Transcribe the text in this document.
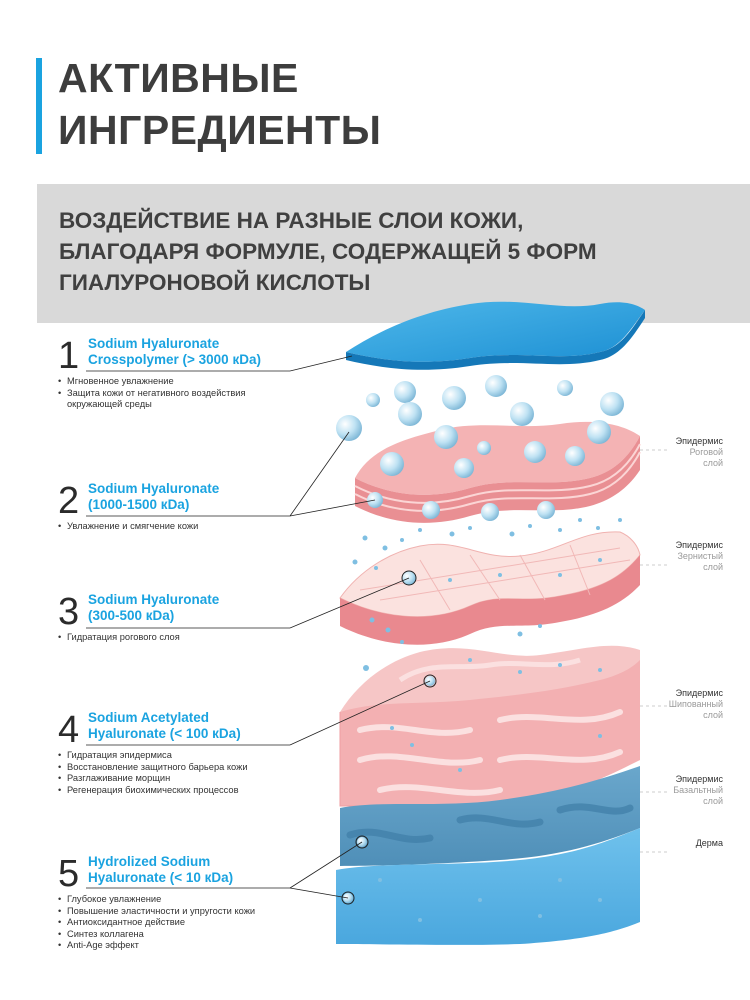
АКТИВНЫЕ
ИНГРЕДИЕНТЫ
ВОЗДЕЙСТВИЕ НА РАЗНЫЕ СЛОИ КОЖИ,
БЛАГОДАРЯ ФОРМУЛЕ, СОДЕРЖАЩЕЙ 5 ФОРМ
ГИАЛУРОНОВОЙ КИСЛОТЫ
1 Sodium Hyaluronate
Crosspolymer (> 3000 кDa)
• Мгновенное увлажнение
• Защита кожи от негативного воздействия
окружающей среды
2 Sodium Hyaluronate
(1000-1500 кDa)
• Увлажнение и смягчение кожи
3 Sodium Hyaluronate
(300-500 кDa)
• Гидратация рогового слоя
4 Sodium Acetylated
Hyaluronate (< 100 кDa)
• Гидратация эпидермиса
• Восстановление защитного барьера кожи
• Разглаживание морщин
• Регенерация биохимических процессов
5 Hydrolized Sodium
Hyaluronate (< 10 кDa)
• Глубокое увлажнение
• Повышение эластичности и упругости кожи
• Антиоксидантное действие
• Синтез коллагена
• Anti-Age эффект
Эпидермис
Роговой
слой
Эпидермис
Зернистый
слой
Эпидермис
Шипованный
слой
Эпидермис
Базальтный
слой
Дерма
